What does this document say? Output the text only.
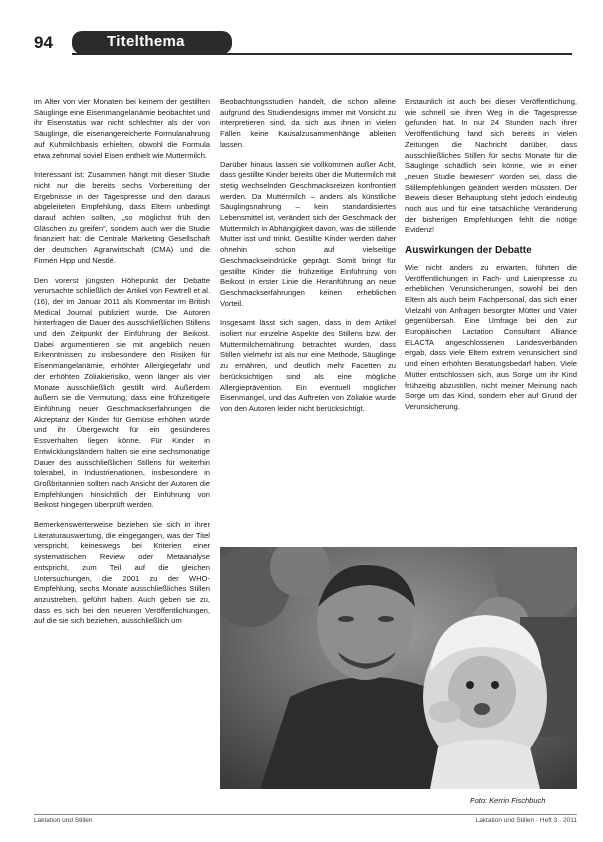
94	Titelthema

im Alter von vier Monaten bei keinem der gestillten Säuglinge eine Eisenmangelanämie beobachtet und ihr Eisenstatus war nicht schlechter als der von Säuglinge, die eisenangereicherte Formulanahrung auf Kuhmilchbasis erhielten, obwohl die Formula etwa zehnmal soviel Eisen enthielt wie Muttermilch.

Interessant ist: Zusammen hängt mit dieser Studie nicht nur die bereits sechs Vorbereitung der Ergebnisse in der Tagespresse und den daraus abgeleiteten Empfehlung, dass Eltern unbedingt darauf achten sollten, „so möglichst früh den Gläschen zu greifen“, sondern auch wer die Studie finanziert hat: die Centrale Marketing Gesellschaft der deutschen Agrarwirtschaft (CMA) und die Firmen Hipp und Nestlé.

Den vorerst jüngsten Höhepunkt der Debatte verursachte schließlich der Artikel von Fewtrell et al. (16), der im Januar 2011 als Kommentar im British Medical Journal publiziert wurde. Die Autoren hinterfragen die Dauer des ausschließlichen Stillens und den Zeitpunkt der Einführung der Beikost. Dabei argumentieren sie mit angeblich neuen Erkenntnissen zu insbesondere den Risiken für Eisenmangelanämie, erhöhter Allergiegefahr und der erhöhten Zöliakierisiko, wenn länger als vier Monate ausschließlich gestillt wird. Außerdem äußern sie die Vermutung, dass eine frühzeitigere Einführung neuer Geschmackserfahrungen die Akzeptanz der Kinder für Gemüse erhöhen würde und ihr Übergewicht für ein gesünderes Essverhalten liegen könne. Für Kinder in Entwicklungsländern halten sie eine sechsmonatige Dauer des ausschließlichen Stillens für weiterhin tolerabel, in Industrienationen, insbesondere in Großbritannien sollten nach Ansicht der Autoren die Empfehlungen hinsichtlich der Einführung von Beikost hingegen überprüft werden.

Bemerkenswerterweise beziehen sie sich in ihrer Literaturauswertung, die eingegangen, was der Titel verspricht, keineswegs bei Kriterien einer systematischen Review oder Metaanalyse entspricht, zum Teil auf die gleichen Untersuchungen, die 2001 zu der WHO-Empfehlung, sechs Monate ausschließliches Stillen anzustreben, geführt haben. Auch geben sie zu, dass es sich bei den neueren Veröffentlichungen, auf die sie sich beziehen, ausschließlich um

Beobachtungsstudien handelt, die schon alleine aufgrund des Studiendesigns immer mit Vorsicht zu interpretieren sind, da sich aus ihnen in vielen Fällen keine Kausalzusammenhänge ableiten lassen.

Darüber hinaus lassen sie vollkommen außer Acht, dass gestillte Kinder bereits über die Muttermilch mit stetig wechselnden Geschmacksreizen konfrontiert werden. Da Muttermilch – anders als künstliche Säuglingsnahrung – kein standardisiertes Lebensmittel ist, verändert sich der Geschmack der Muttermilch in Abhängigkeit davon, was die stillende Mutter isst und trinkt. Gestillte Kinder werden daher ohnehin schon auf vielseitige Geschmackseindrücke geprägt. Somit bringt für gestillte Kinder die frühzeitige Einführung von Beikost in erster Linie die Heranführung an neue Geschmackserfahrungen keinen erheblichen Vorteil.

Insgesamt lässt sich sagen, dass in dem Artikel isoliert nur einzelne Aspekte des Stillens bzw. der Muttermilchernährung betrachtet wurden, dass Stillen vielmehr ist als nur eine Methode, Säuglinge zu ernähren, und deutlich mehr Facetten zu berücksichtigen sind als eine mögliche Allergieprävention. Ein eventuell möglicher Eisenmangel, und das Auftreten von Zöliakie wurde von den Autoren leider nicht berücksichtigt.

Erstaunlich ist auch bei dieser Veröffentlichung, wie schnell sie ihren Weg in die Tagespresse gefunden hat. In nur 24 Stunden nach ihrer Veröffentlichung fand sich bereits in vielen Zeitungen die Nachricht darüber, dass ausschließliches Stillen für sechs Monate für die Säuglinge schädlich sein könne, wie in einer „neuen Studie bewiesen“ worden sei, dass die Stillempfehlungen geändert werden müssten. Der Beweis dieser Behauptung steht jedoch eindeutig noch aus und für eine tatsächliche Veränderung der bisherigen Empfehlungen fehlt die nötige Evidenz!

Auswirkungen der Debatte

Wie nicht anders zu erwarten, führten die Veröffentlichungen in Fach- und Laienpresse zu erheblichen Verunsicherungen, sowohl bei den Eltern als auch beim Fachpersonal, das sich einer Vielzahl von Anfragen besorgter Mütter und Väter gegenübersah. Eine Umfrage bei den zur Europäischen Lactation Consultant Alliance ELACTA angeschlossenen Landesverbänden ergab, dass viele Eltern extrem verunsichert sind und einen erhöhten Beratungsbedarf haben. Viele Mütter entschlossen sich, aus Sorge um ihr Kind frühzeitig abzustillen, nicht meiner Meinung nach Sorge um das Kind, sondern eher auf Grund der Verunsicherung.

Foto: Kerrin Fischbuch
Laktation und Stillen	Laktation und Stillen · Heft 3 · 2011
